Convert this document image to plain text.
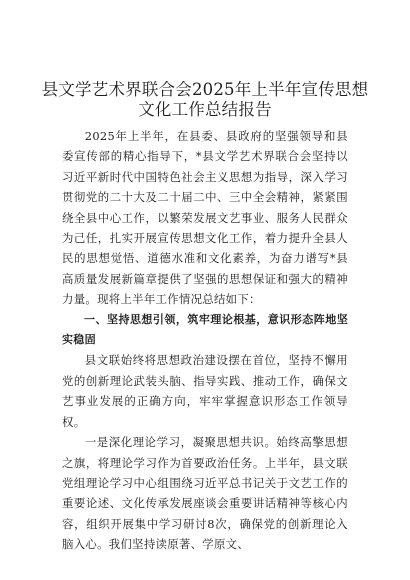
县文学艺术界联合会2025年上半年宣传思想文化工作总结报告

2025年上半年，在县委、县政府的坚强领导和县委宣传部的精心指导下，*县文学艺术界联合会坚持以习近平新时代中国特色社会主义思想为指导，深入学习贯彻党的二十大及二十届二中、三中全会精神，紧紧围绕全县中心工作，以繁荣发展文艺事业、服务人民群众为己任，扎实开展宣传思想文化工作，着力提升全县人民的思想觉悟、道德水准和文化素养，为奋力谱写*县高质量发展新篇章提供了坚强的思想保证和强大的精神力量。现将上半年工作情况总结如下：

一、坚持思想引领，筑牢理论根基，意识形态阵地坚实稳固

县文联始终将思想政治建设摆在首位，坚持不懈用党的创新理论武装头脑、指导实践、推动工作，确保文艺事业发展的正确方向，牢牢掌握意识形态工作领导权。

一是深化理论学习，凝聚思想共识。始终高擎思想之旗，将理论学习作为首要政治任务。上半年，县文联党组理论学习中心组围绕习近平总书记关于文艺工作的重要论述、文化传承发展座谈会重要讲话精神等核心内容，组织开展集中学习研讨8次，确保党的创新理论入脑入心。我们坚持读原著、学原文、
